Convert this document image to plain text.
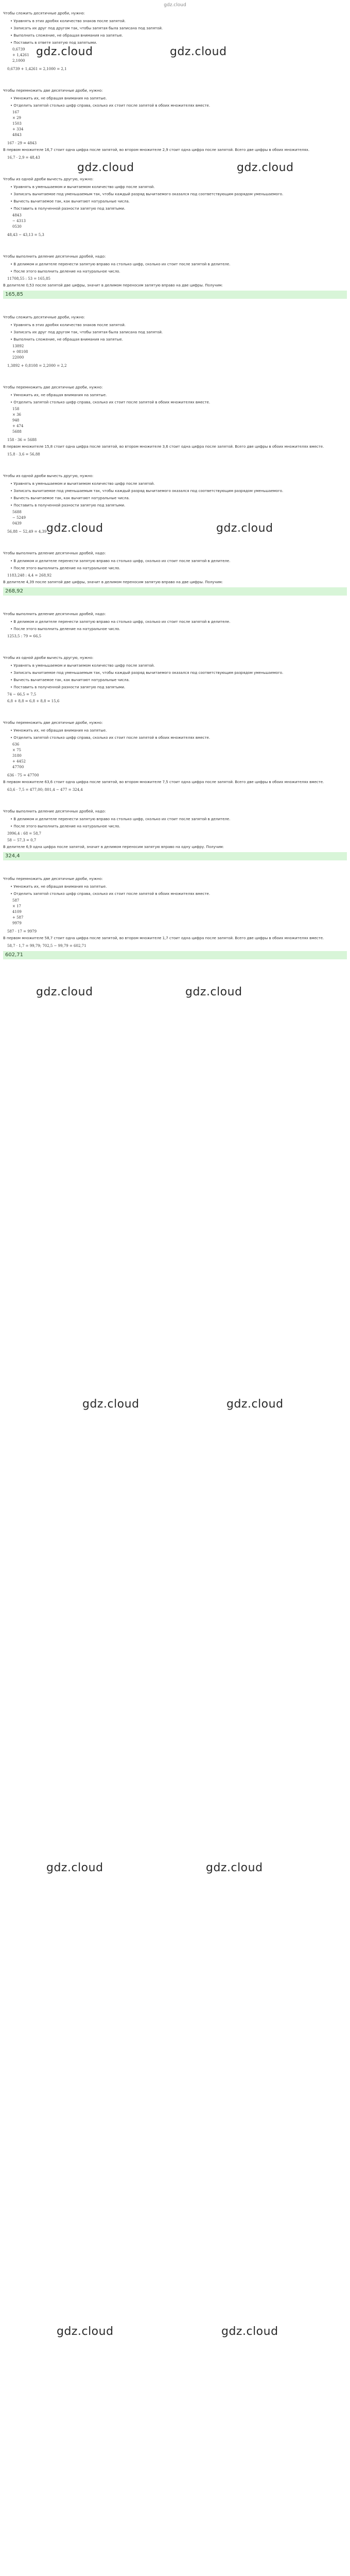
gdz.cloud
Чтобы сложить десятичные дроби, нужно:
• Уравнять в этих дробях количество знаков после запятой.
• Записать их друг под другом так, чтобы запятая была записана под запятой.
• Выполнить сложение, не обращая внимания на запятые.
• Поставить в ответе запятую под запятыми.
0,6739
+ 1,4261
2,1000
0,6739 + 1,4261 = 2,1000 = 2,1
Чтобы перемножить две десятичные дроби, нужно:
• Умножить их, не обращая внимания на запятые.
• Отделить запятой столько цифр справа, сколько их стоит после запятой в обоих множителях вместе.
167
× 29
1503
+ 334
4843
167 · 29 = 4843
В первом множителе 16,7 стоит одна цифра после запятой, во втором множителе 2,9 стоит одна цифра после запятой. Всего две цифры в обоих множителях.
16,7 · 2,9 = 48,43
Чтобы из одной дроби вычесть другую, нужно:
• Уравнять в уменьшаемом и вычитаемом количество цифр после запятой.
• Записать вычитаемое под уменьшаемым так, чтобы каждый разряд вычитаемого оказался под соответствующим разрядом уменьшаемого.
• Вычесть вычитаемое так, как вычитают натуральные числа.
• Поставить в полученной разности запятую под запятыми.
4843
− 4313
0530
48,43 − 43,13 = 5,3
Чтобы выполнить деление десятичных дробей, надо:
• В делимом и делителе перенести запятую вправо на столько цифр, сколько их стоит после запятой в делителе.
• После этого выполнить деление на натуральное число.
11708,55 : 53 = 165,85
В делителе 0,53 после запятой две цифры, значит в делимом переносим запятую вправо на две цифры. Получим:
165,85
Чтобы сложить десятичные дроби, нужно:
• Уравнять в этих дробях количество знаков после запятой.
• Записать их друг под другом так, чтобы запятая была записана под запятой.
• Выполнить сложение, не обращая внимания на запятые.
13892
+ 08108
22000
1,3892 + 0,8108 = 2,2000 = 2,2
Чтобы перемножить две десятичные дроби, нужно:
• Умножить их, не обращая внимания на запятые.
• Отделить запятой столько цифр справа, сколько их стоит после запятой в обоих множителях вместе.
158
× 36
948
+ 474
5688
158 · 36 = 5688
В первом множителе 15,8 стоит одна цифра после запятой, во втором множителе 3,6 стоит одна цифра после запятой. Всего две цифры в обоих множителях вместе.
15,8 · 3,6 = 56,88
Чтобы из одной дроби вычесть другую, нужно:
• Уравнять в уменьшаемом и вычитаемом количество цифр после запятой.
• Записать вычитаемое под уменьшаемым так, чтобы каждый разряд вычитаемого оказался под соответствующим разрядом уменьшаемого.
• Вычесть вычитаемое так, как вычитают натуральные числа.
• Поставить в полученной разности запятую под запятыми.
5688
− 5249
0439
56,88 − 52,49 = 4,39
Чтобы выполнить деление десятичных дробей, надо:
• В делимом и делителе перенести запятую вправо на столько цифр, сколько их стоит после запятой в делителе.
• После этого выполнить деление на натуральное число.
1183,248 : 4,4 = 268,92
В делителе 4,39 после запятой две цифры, значит в делимом переносим запятую вправо на две цифры. Получим:
268,92
Чтобы выполнить деление десятичных дробей, надо:
• В делимом и делителе перенести запятую вправо на столько цифр, сколько их стоит после запятой в делителе.
• После этого выполнить деление на натуральное число.
1253,5 : 79 = 66,5
Чтобы из одной дроби вычесть другую, нужно:
• Уравнять в уменьшаемом и вычитаемом количество цифр после запятой.
• Записать вычитаемое под уменьшаемым так, чтобы каждый разряд вычитаемого оказался под соответствующим разрядом уменьшаемого.
• Вычесть вычитаемое так, как вычитают натуральные числа.
• Поставить в полученной разности запятую под запятыми.
74 − 66,5 = 7,5
6,8 + 8,8 = 6,8 + 8,8 = 15,6
Чтобы перемножить две десятичные дроби, нужно:
• Умножить их, не обращая внимания на запятые.
• Отделить запятой столько цифр справа, сколько их стоит после запятой в обоих множителях вместе.
636
× 75
3180
+ 4452
47700
636 · 75 = 47700
В первом множителе 63,6 стоит одна цифра после запятой, во втором множителе 7,5 стоит одна цифра после запятой. Всего две цифры в обоих множителях вместе.
63,6 · 7,5 = 477,00; 801,4 − 477 = 324,4
Чтобы выполнить деление десятичных дробей, надо:
• В делимом и делителе перенести запятую вправо на столько цифр, сколько их стоит после запятой в делителе.
• После этого выполнить деление на натуральное число.
3996,4 : 68 = 58,7
58 − 57,3 = 0,7
В делителе 6,9 одна цифра после запятой, значит в делимом переносим запятую вправо на одну цифру. Получим:
324,4
Чтобы перемножить две десятичные дроби, нужно:
• Умножить их, не обращая внимания на запятые.
• Отделить запятой столько цифр справа, сколько их стоит после запятой в обоих множителях вместе.
587
× 17
4109
+ 587
9979
587 · 17 = 9979
В первом множителе 58,7 стоит одна цифра после запятой, во втором множителе 1,7 стоит одна цифра после запятой. Всего две цифры в обоих множителях вместе.
58,7 · 1,7 = 99,79; 702,5 − 99,79 = 602,71
602,71
gdz.cloud	gdz.cloud
gdz.cloud	gdz.cloud
gdz.cloud	gdz.cloud
gdz.cloud	gdz.cloud
gdz.cloud	gdz.cloud
gdz.cloud	gdz.cloud
gdz.cloud	gdz.cloud
